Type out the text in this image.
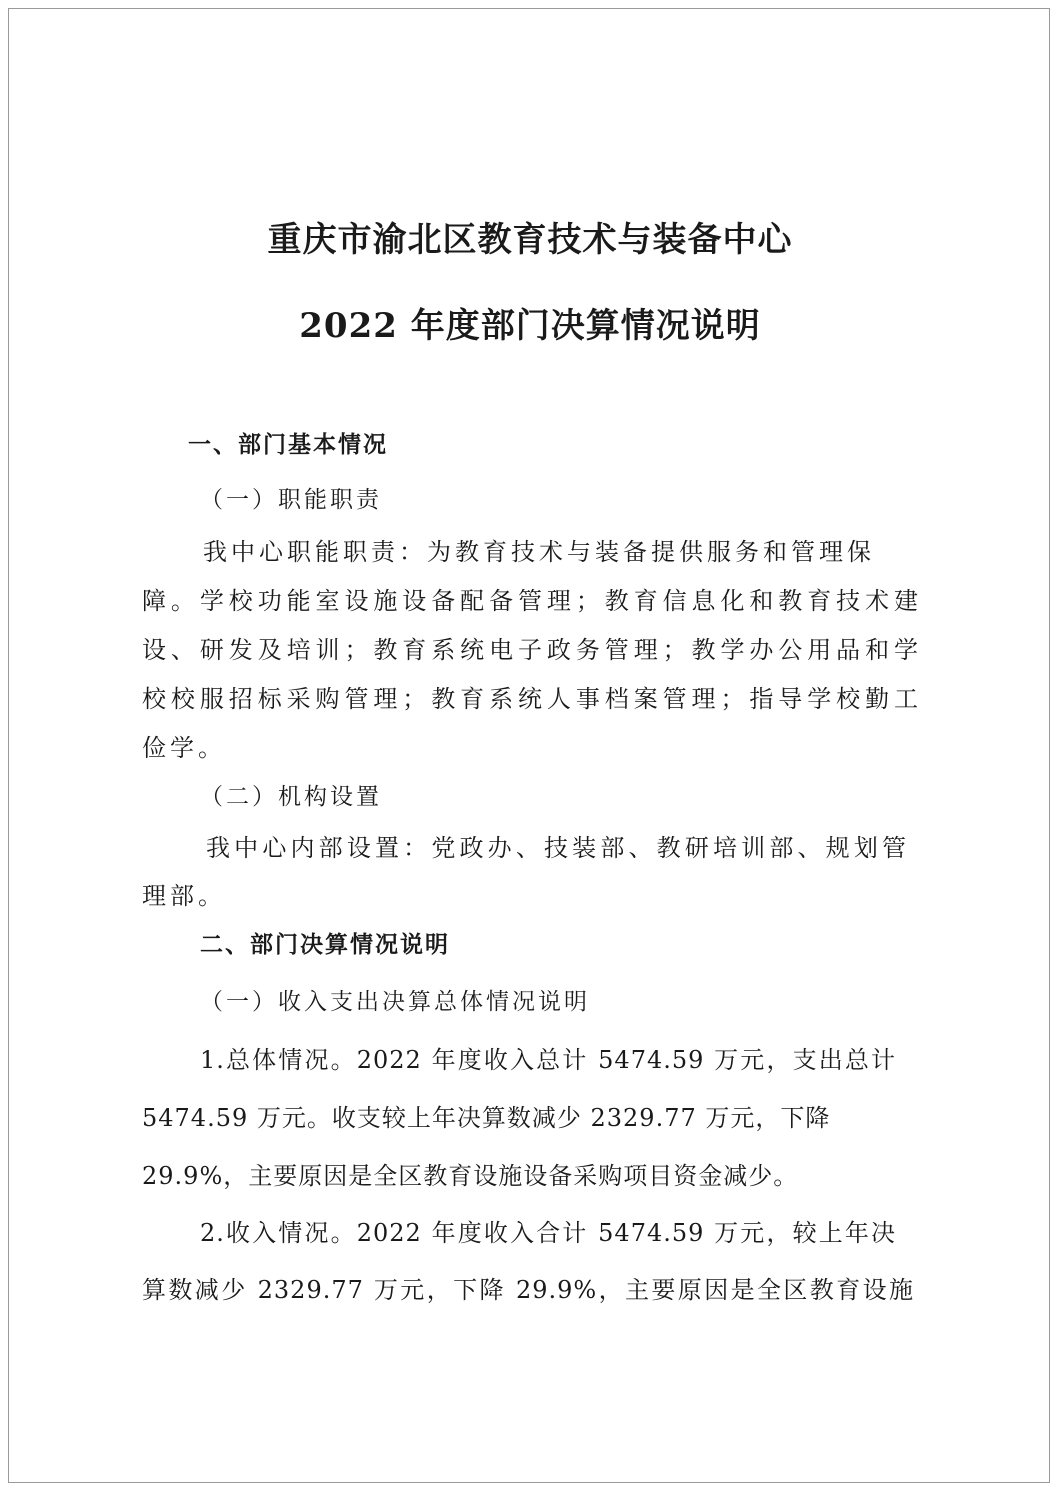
重庆市渝北区教育技术与装备中心
2022 年度部门决算情况说明
一、部门基本情况
（一）职能职责
我中心职能职责：为教育技术与装备提供服务和管理保
障。学校功能室设施设备配备管理；教育信息化和教育技术建
设、研发及培训；教育系统电子政务管理；教学办公用品和学
校校服招标采购管理；教育系统人事档案管理；指导学校勤工
俭学。
（二）机构设置
我中心内部设置：党政办、技装部、教研培训部、规划管
理部。
二、部门决算情况说明
（一）收入支出决算总体情况说明
1.总体情况。2022 年度收入总计 5474.59 万元，支出总计
5474.59 万元。收支较上年决算数减少 2329.77 万元，下降
29.9%，主要原因是全区教育设施设备采购项目资金减少。
2.收入情况。2022 年度收入合计 5474.59 万元，较上年决
算数减少 2329.77 万元，下降 29.9%，主要原因是全区教育设施
